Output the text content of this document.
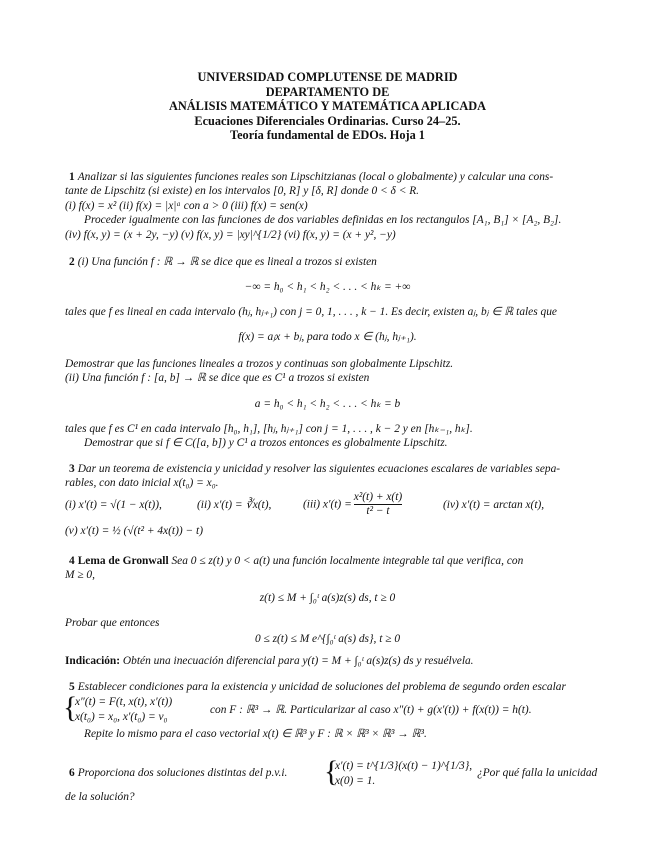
UNIVERSIDAD COMPLUTENSE DE MADRID
DEPARTAMENTO DE
ANÁLISIS MATEMÁTICO Y MATEMÁTICA APLICADA
Ecuaciones Diferenciales Ordinarias. Curso 24–25.
Teoría fundamental de EDOs. Hoja 1
1 Analizar si las siguientes funciones reales son Lipschitzianas (local o globalmente) y calcular una cons-
tante de Lipschitz (si existe) en los intervalos [0, R] y [δ, R] donde 0 < δ < R.
(i) f(x) = x² (ii) f(x) = |x|ᵃ con a > 0 (iii) f(x) = sen(x)
Proceder igualmente con las funciones de dos variables definidas en los rectangulos [A₁, B₁] × [A₂, B₂].
(iv) f(x, y) = (x + 2y, −y) (v) f(x, y) = |xy|^{1/2} (vi) f(x, y) = (x + y², −y)
2 (i) Una función f : ℝ → ℝ se dice que es lineal a trozos si existen
−∞ = h₀ < h₁ < h₂ < . . . < hₖ = +∞
tales que f es lineal en cada intervalo (hⱼ, hⱼ₊₁) con j = 0, 1, . . . , k − 1. Es decir, existen aⱼ, bⱼ ∈ ℝ tales que
f(x) = aⱼx + bⱼ, para todo x ∈ (hⱼ, hⱼ₊₁).
Demostrar que las funciones lineales a trozos y continuas son globalmente Lipschitz.
(ii) Una función f : [a, b] → ℝ se dice que es C¹ a trozos si existen
a = h₀ < h₁ < h₂ < . . . < hₖ = b
tales que f es C¹ en cada intervalo [h₀, h₁], [hⱼ, hⱼ₊₁] con j = 1, . . . , k − 2 y en [hₖ₋₁, hₖ].
Demostrar que si f ∈ C([a, b]) y C¹ a trozos entonces es globalmente Lipschitz.
3 Dar un teorema de existencia y unicidad y resolver las siguientes ecuaciones escalares de variables sepa-
rables, con dato inicial x(t₀) = x₀.
(i) x′(t) = √(1 − x(t)),	(ii) x′(t) = ∛x(t),	(iii) $x'(t) = \frac{\text{x²(t) + x(t)}}{\text{t² − t}}$	(iv) x′(t) = arctan x(t),
(v) x′(t) = ½ (√(t² + 4x(t)) − t)
4 Lema de Gronwall Sea 0 ≤ z(t) y 0 < a(t) una función localmente integrable tal que verifica, con
M ≥ 0,
z(t) ≤ M + ∫₀ᵗ a(s)z(s) ds, t ≥ 0
Probar que entonces
0 ≤ z(t) ≤ M e^{∫₀ᵗ a(s) ds}, t ≥ 0
Indicación: Obtén una inecuación diferencial para y(t) = M + ∫₀ᵗ a(s)z(s) ds y resuélvela.
5 Establecer condiciones para la existencia y unicidad de soluciones del problema de segundo orden escalar
{
x″(t) = F(t, x(t), x′(t))
x(t₀) = x₀, x′(t₀) = v₀
con F : ℝ³ → ℝ. Particularizar al caso x″(t) + g(x′(t)) + f(x(t)) = h(t).
Repite lo mismo para el caso vectorial x(t) ∈ ℝ³ y F : ℝ × ℝ³ × ℝ³ → ℝ³.
6 Proporciona dos soluciones distintas del p.v.i. {
x′(t) = t^{1/3}(x(t) − 1)^{1/3},
x(0) = 1.
¿Por qué falla la unicidad
de la solución?
